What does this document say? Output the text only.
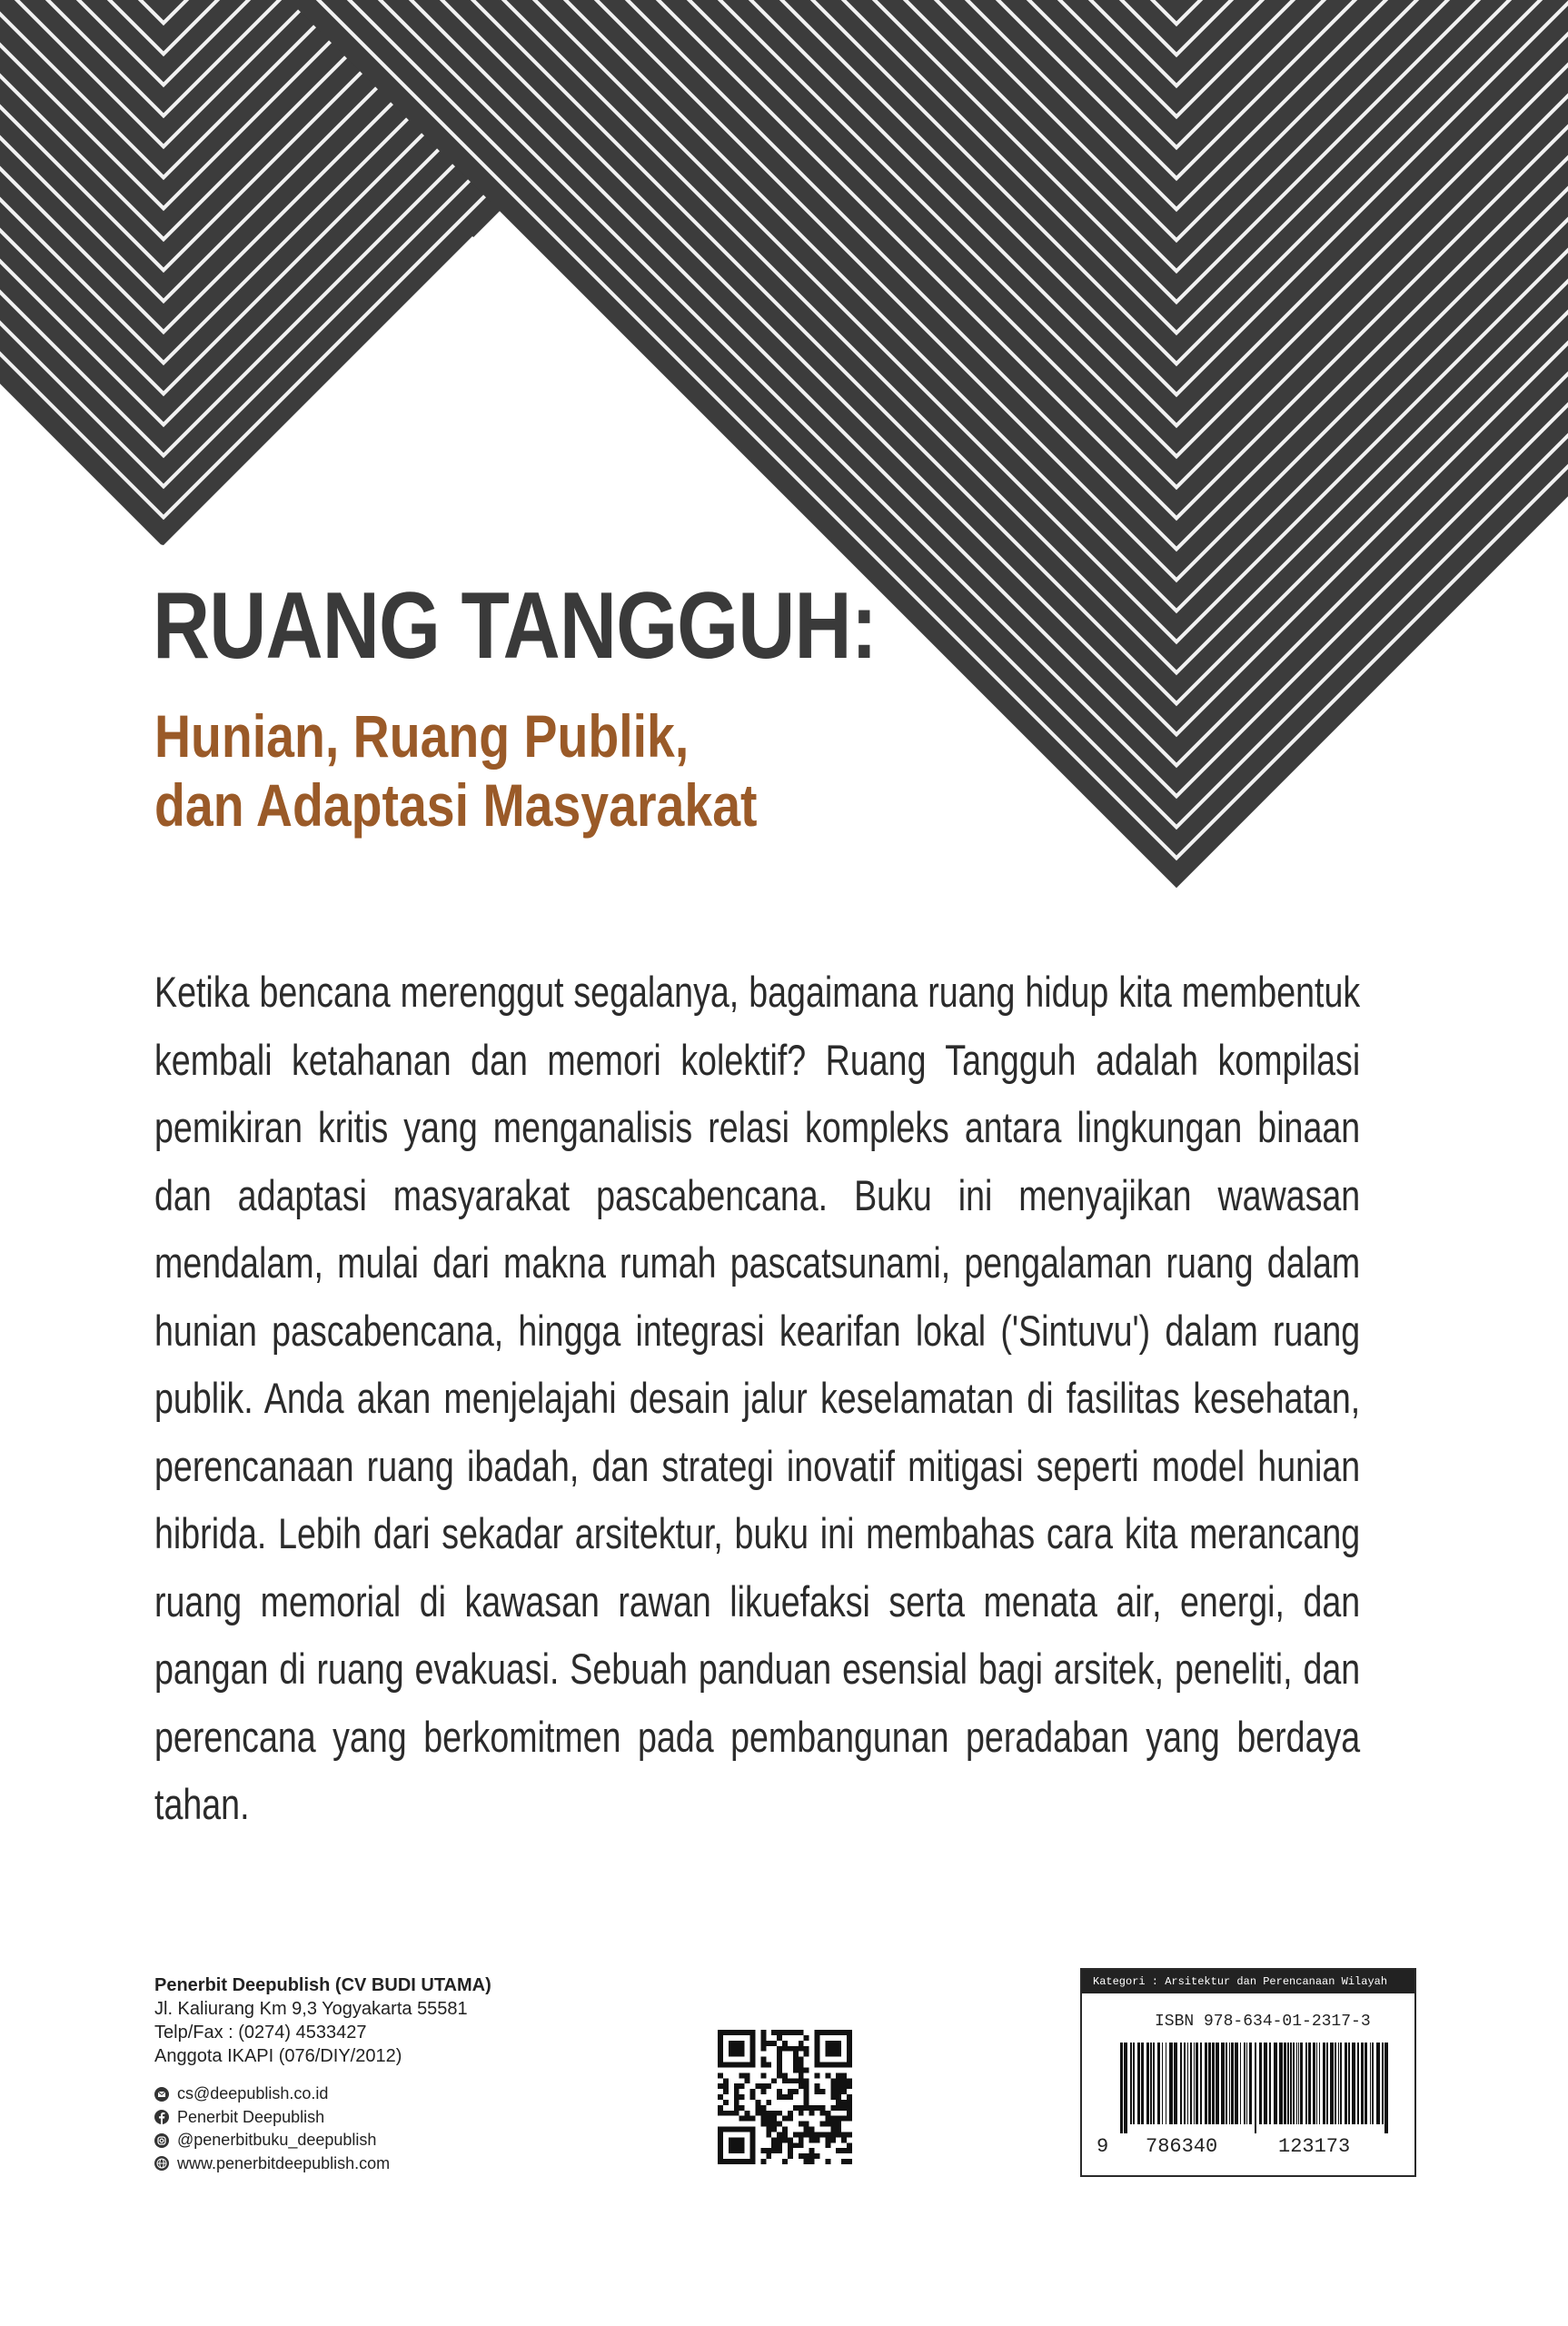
RUANG TANGGUH:
Hunian, Ruang Publik,
dan Adaptasi Masyarakat

Ketika bencana merenggut segalanya, bagaimana ruang hidup kita membentuk kembali ketahanan dan memori kolektif? Ruang Tangguh adalah kompilasi pemikiran kritis yang menganalisis relasi kompleks antara lingkungan binaan dan adaptasi masyarakat pascabencana. Buku ini menyajikan wawasan mendalam, mulai dari makna rumah pascatsunami, pengalaman ruang dalam hunian pascabencana, hingga integrasi kearifan lokal ('Sintuvu') dalam ruang publik. Anda akan menjelajahi desain jalur keselamatan di fasilitas kesehatan, perencanaan ruang ibadah, dan strategi inovatif mitigasi seperti model hunian hibrida. Lebih dari sekadar arsitektur, buku ini membahas cara kita merancang ruang memorial di kawasan rawan likuefaksi serta menata air, energi, dan pangan di ruang evakuasi. Sebuah panduan esensial bagi arsitek, peneliti, dan perencana yang berkomitmen pada pembangunan peradaban yang berdaya tahan.

Penerbit Deepublish (CV BUDI UTAMA)
Jl. Kaliurang Km 9,3 Yogyakarta 55581
Telp/Fax : (0274) 4533427
Anggota IKAPI (076/DIY/2012)
cs@deepublish.co.id
Penerbit Deepublish
@penerbitbuku_deepublish
www.penerbitdeepublish.com
Kategori : Arsitektur dan Perencanaan Wilayah
ISBN 978-634-01-2317-3
9 786340	123173
